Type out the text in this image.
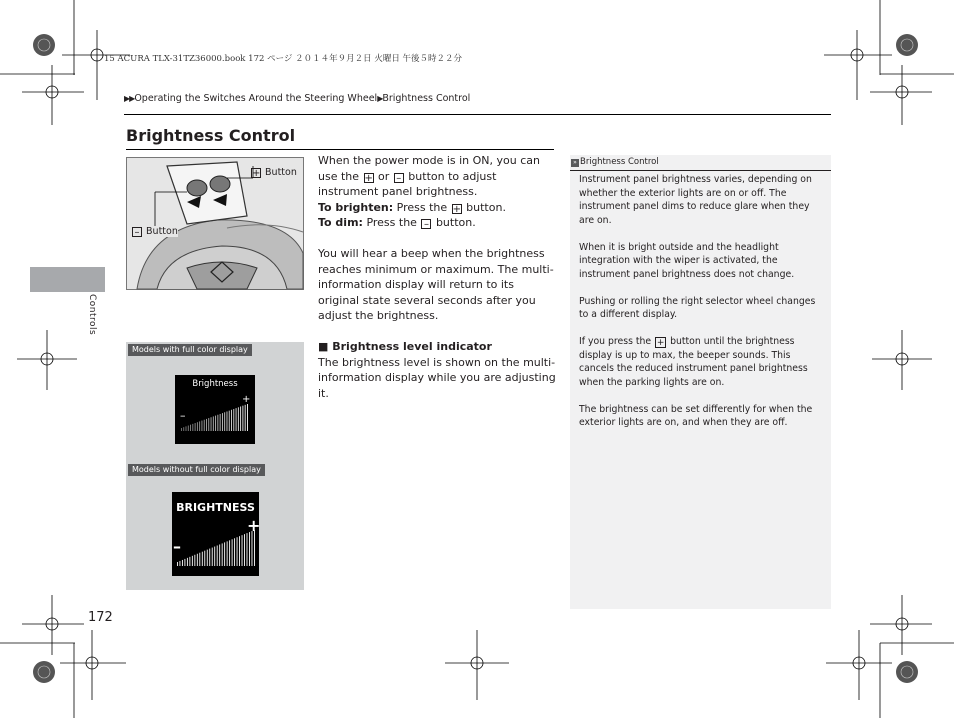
15 ACURA TLX-31TZ36000.book 172 ページ ２０１４年９月２日 火曜日 午後５時２２分
▶▶Operating the Switches Around the Steering Wheel▶Brightness Control
Brightness Control
Controls
172
+ Button
– Button

When the power mode is in ON, you can use the + or – button to adjust instrument panel brightness.

To brighten: Press the + button.

To dim: Press the – button.

You will hear a beep when the brightness reaches minimum or maximum. The multi-information display will return to its original state several seconds after you adjust the brightness.

■ Brightness level indicator

The brightness level is shown on the multi-information display while you are adjusting it.

Models with full color display
Brightness
–
+
Models without full color display
BRIGHTNESS
–
+
» Brightness Control

Instrument panel brightness varies, depending on whether the exterior lights are on or off. The instrument panel dims to reduce glare when they are on.

When it is bright outside and the headlight integration with the wiper is activated, the instrument panel brightness does not change.

Pushing or rolling the right selector wheel changes to a different display.

If you press the + button until the brightness display is up to max, the beeper sounds. This cancels the reduced instrument panel brightness when the parking lights are on.

The brightness can be set differently for when the exterior lights are on, and when they are off.
